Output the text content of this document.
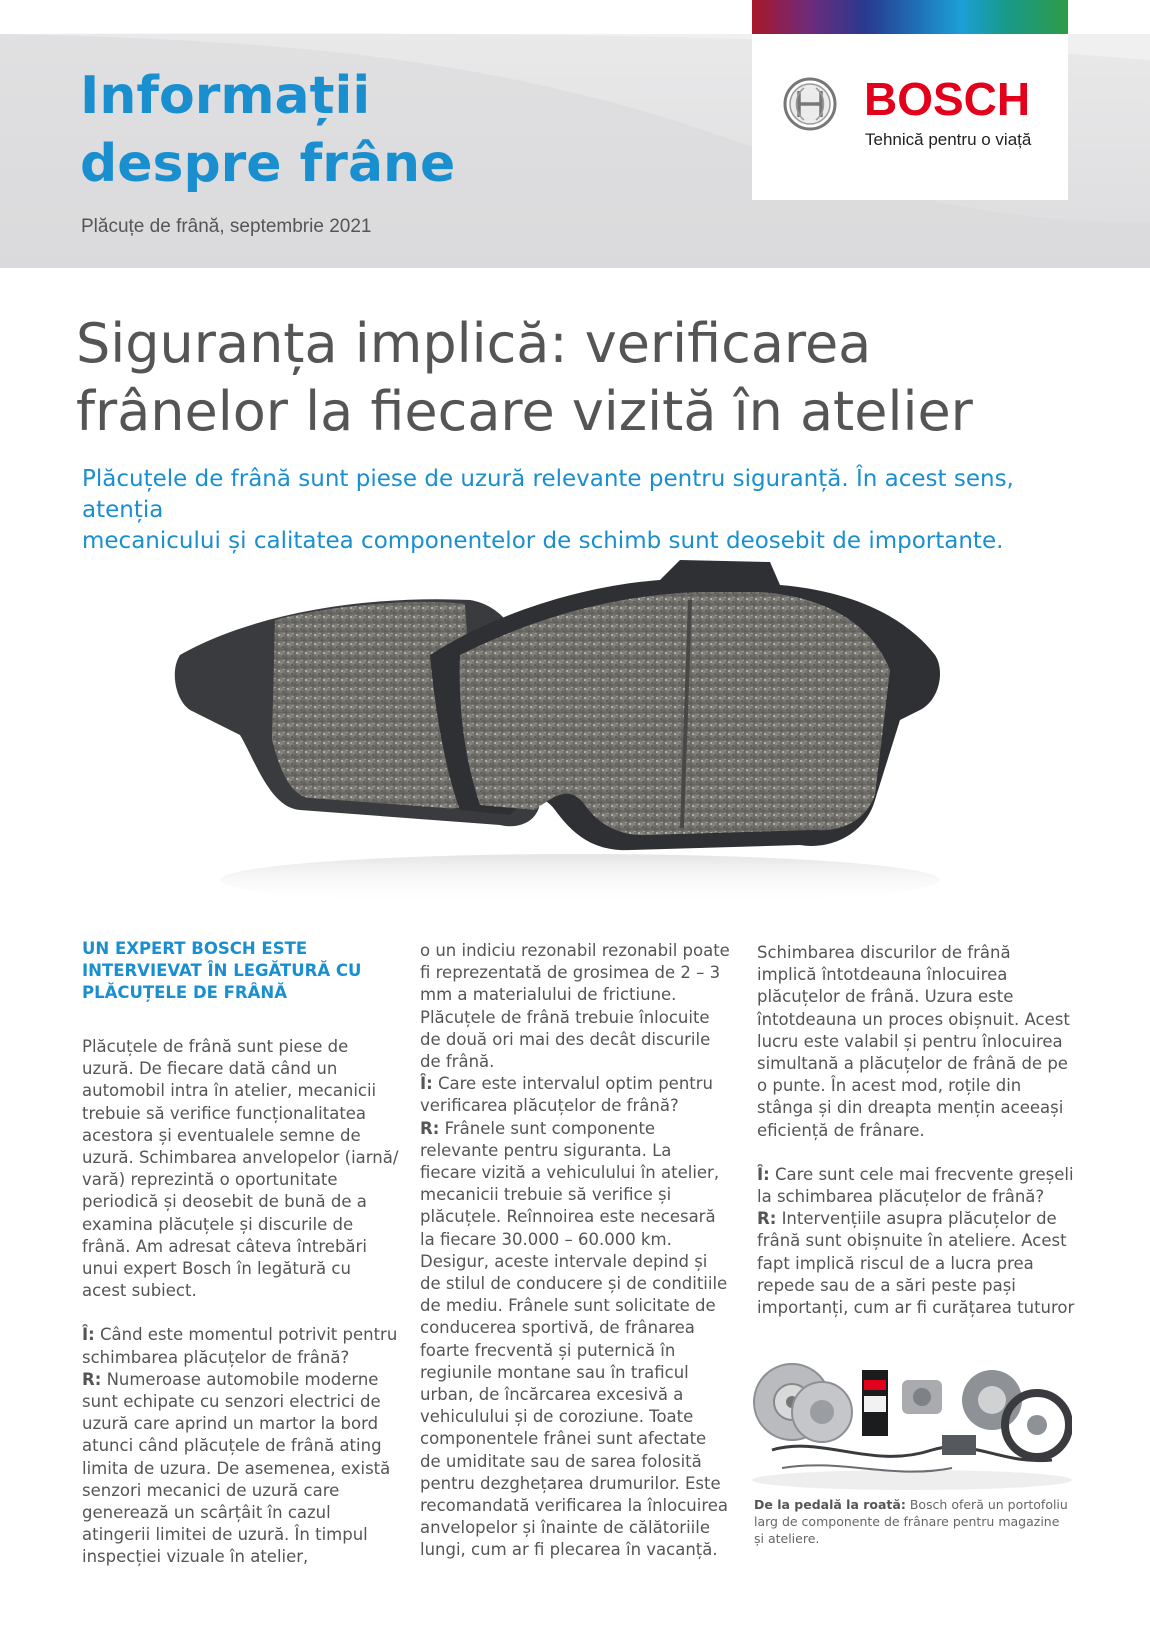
Informații
despre frâne
Plăcuțe de frână, septembrie 2021
BOSCH
Tehnică pentru o viață
Siguranța implică: verificarea
frânelor la fiecare vizită în atelier

Plăcuțele de frână sunt piese de uzură relevante pentru siguranță. În acest sens, atenția
mecanicului și calitatea componentelor de schimb sunt deosebit de importante.

UN EXPERT BOSCH ESTE
INTERVIEVAT ÎN LEGĂTURĂ CU
PLĂCUȚELE DE FRÂNĂ

Plăcuțele de frână sunt piese de uzură. De fiecare dată când un automobil intra în atelier, mecanicii trebuie să verifice funcționalitatea acestora și eventualele semne de uzură. Schimbarea anvelopelor (iarnă/ vară) reprezintă o oportunitate periodică și deosebit de bună de a examina plăcuțele și discurile de frână. Am adresat câteva întrebări unui expert Bosch în legătură cu acest subiect.

Î: Când este momentul potrivit pentru schimbarea plăcuțelor de frână?

R: Numeroase automobile moderne sunt echipate cu senzori electrici de uzură care aprind un martor la bord atunci când plăcuțele de frână ating limita de uzura. De asemenea, există senzori mecanici de uzură care generează un scârțâit în cazul atingerii limitei de uzură. În timpul inspecției vizuale în atelier,

o un indiciu rezonabil rezonabil poate fi reprezentată de grosimea de 2 – 3 mm a materialului de frictiune. Plăcuțele de frână trebuie înlocuite de două ori mai des decât discurile de frână.

Î: Care este intervalul optim pentru verificarea plăcuțelor de frână?

R: Frânele sunt componente relevante pentru siguranta. La fiecare vizită a vehiculului în atelier, mecanicii trebuie să verifice și plăcuțele. Reînnoirea este necesară la fiecare 30.000 – 60.000 km. Desigur, aceste intervale depind și de stilul de conducere și de conditiile de mediu. Frânele sunt solicitate de conducerea sportivă, de frânarea foarte frecventă și puternică în regiunile montane sau în traficul urban, de încărcarea excesivă a vehiculului și de coroziune. Toate componentele frânei sunt afectate de umiditate sau de sarea folosită pentru dezghețarea drumurilor. Este recomandată verificarea la înlocuirea anvelopelor și înainte de călătoriile lungi, cum ar fi plecarea în vacanță.

Schimbarea discurilor de frână implică întotdeauna înlocuirea plăcuțelor de frână. Uzura este întotdeauna un proces obișnuit. Acest lucru este valabil și pentru înlocuirea simultană a plăcuțelor de frână de pe o punte. În acest mod, roțile din stânga și din dreapta mențin aceeași eficiență de frânare.

Î: Care sunt cele mai frecvente greșeli la schimbarea plăcuțelor de frână?

R: Intervențiile asupra plăcuțelor de frână sunt obișnuite în ateliere. Acest fapt implică riscul de a lucra prea repede sau de a sări peste pași importanți, cum ar fi curățarea tuturor

De la pedală la roată: Bosch oferă un portofoliu larg de componente de frânare pentru magazine și ateliere.
